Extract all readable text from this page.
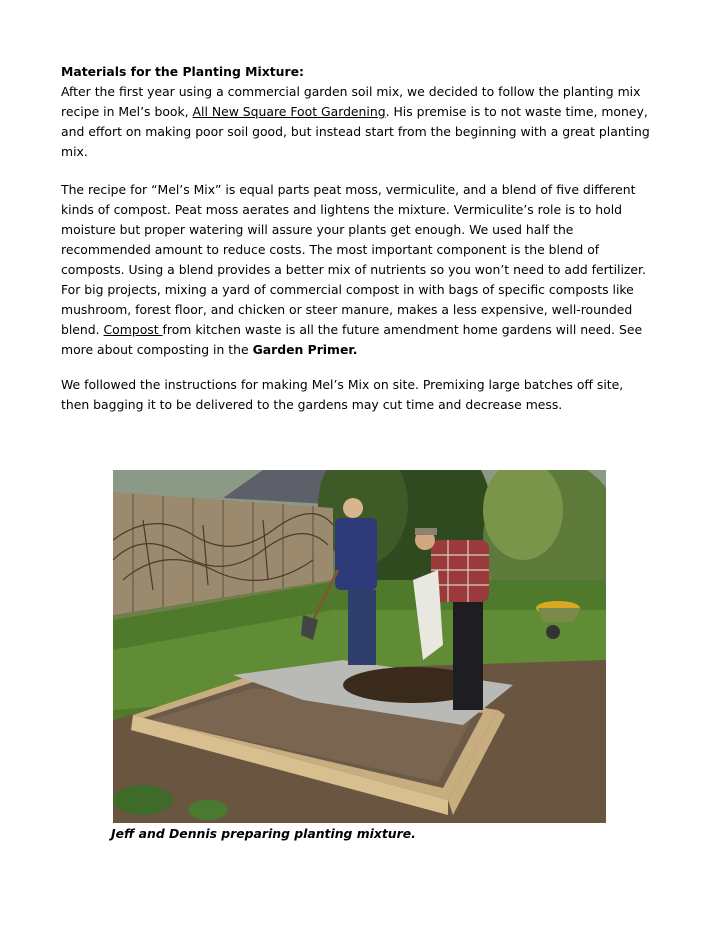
Materials for the Planting Mixture:
After the first year using a commercial garden soil mix, we decided to follow the planting mix
recipe in Mel’s book, All New Square Foot Gardening. His premise is to not waste time, money,
and effort on making poor soil good, but instead start from the beginning with a great planting
mix.
The recipe for “Mel’s Mix” is equal parts peat moss, vermiculite, and a blend of five different
kinds of compost. Peat moss aerates and lightens the mixture. Vermiculite’s role is to hold
moisture but proper watering will assure your plants get enough. We used half the
recommended amount to reduce costs. The most important component is the blend of
composts. Using a blend provides a better mix of nutrients so you won’t need to add fertilizer.
For big projects, mixing a yard of commercial compost in with bags of specific composts like
mushroom, forest floor, and chicken or steer manure, makes a less expensive, well-rounded
blend. Compost from kitchen waste is all the future amendment home gardens will need. See
more about composting in the Garden Primer.
We followed the instructions for making Mel’s Mix on site. Premixing large batches off site,
then bagging it to be delivered to the gardens may cut time and decrease mess.
Jeff and Dennis preparing planting mixture.
